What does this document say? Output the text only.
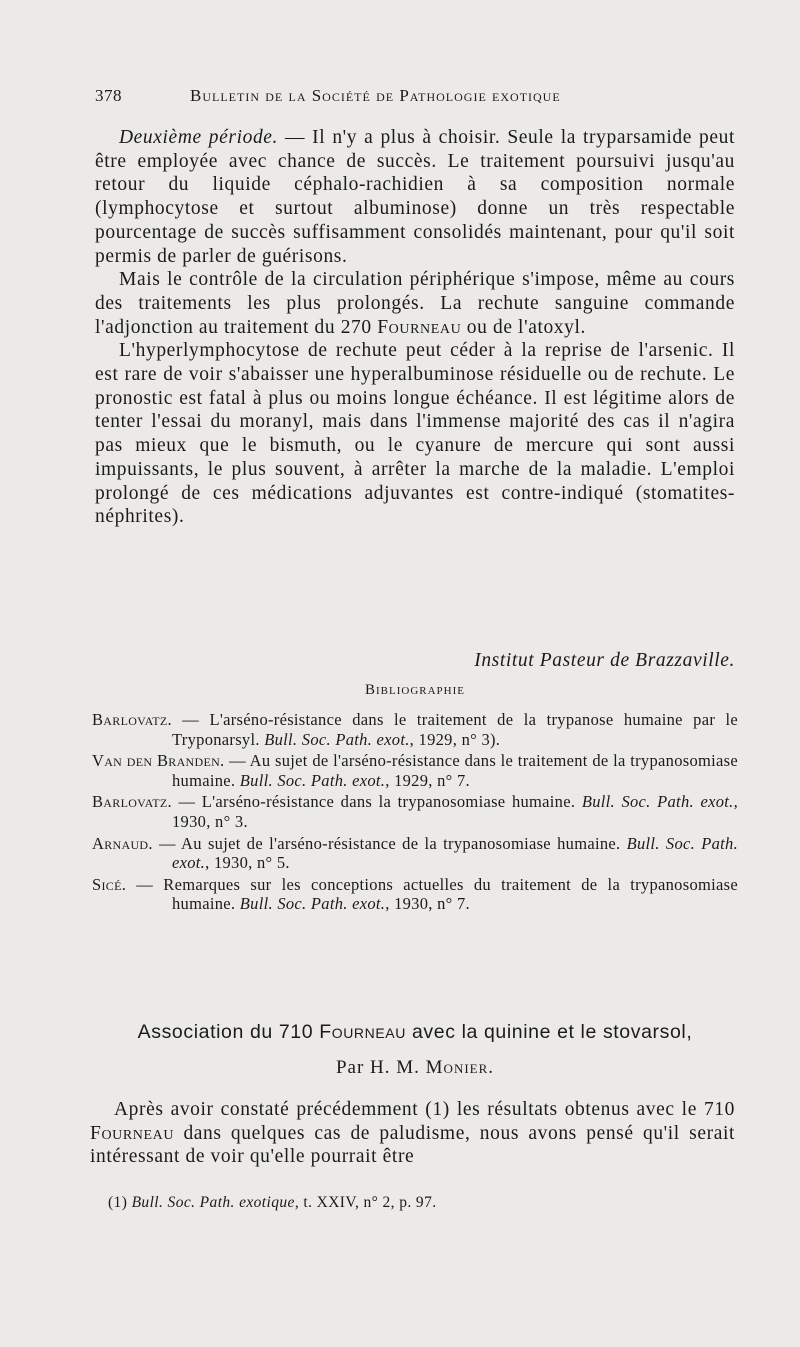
378	Bulletin de la Société de Pathologie exotique

Deuxième période. — Il n'y a plus à choisir. Seule la tryparsamide peut être employée avec chance de succès. Le traitement poursuivi jusqu'au retour du liquide céphalo-rachidien à sa composition normale (lymphocytose et surtout albuminose) donne un très respectable pourcentage de succès suffisamment consolidés maintenant, pour qu'il soit permis de parler de guérisons.

Mais le contrôle de la circulation périphérique s'impose, même au cours des traitements les plus prolongés. La rechute sanguine commande l'adjonction au traitement du 270 Fourneau ou de l'atoxyl.

L'hyperlymphocytose de rechute peut céder à la reprise de l'arsenic. Il est rare de voir s'abaisser une hyperalbuminose résiduelle ou de rechute. Le pronostic est fatal à plus ou moins longue échéance. Il est légitime alors de tenter l'essai du moranyl, mais dans l'immense majorité des cas il n'agira pas mieux que le bismuth, ou le cyanure de mercure qui sont aussi impuissants, le plus souvent, à arrêter la marche de la maladie. L'emploi prolongé de ces médications adjuvantes est contre-indiqué (stomatites-néphrites).

Institut Pasteur de Brazzaville.
Bibliographie
Barlovatz. — L'arséno-résistance dans le traitement de la trypanose humaine par le Tryponarsyl. Bull. Soc. Path. exot., 1929, n° 3).
Van den Branden. — Au sujet de l'arséno-résistance dans le traitement de la trypanosomiase humaine. Bull. Soc. Path. exot., 1929, n° 7.
Barlovatz. — L'arséno-résistance dans la trypanosomiase humaine. Bull. Soc. Path. exot., 1930, n° 3.
Arnaud. — Au sujet de l'arséno-résistance de la trypanosomiase humaine. Bull. Soc. Path. exot., 1930, n° 5.
Sicé. — Remarques sur les conceptions actuelles du traitement de la trypanosomiase humaine. Bull. Soc. Path. exot., 1930, n° 7.
Association du 710 Fourneau avec la quinine et le stovarsol,
Par H. M. Monier.

Après avoir constaté précédemment (1) les résultats obtenus avec le 710 Fourneau dans quelques cas de paludisme, nous avons pensé qu'il serait intéressant de voir qu'elle pourrait être

(1) Bull. Soc. Path. exotique, t. XXIV, n° 2, p. 97.
